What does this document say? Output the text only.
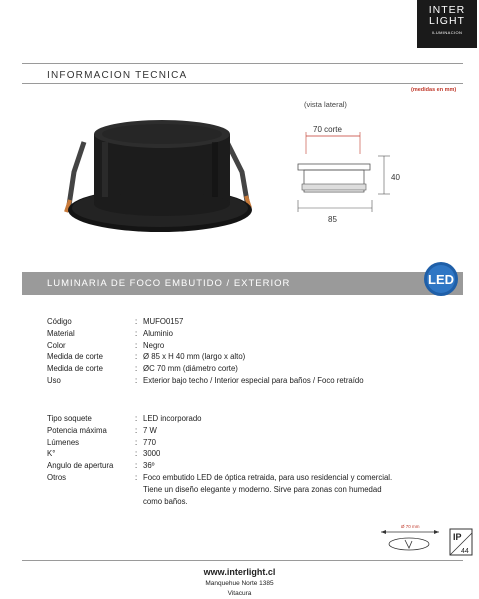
INTER
LIGHT
ILUMINACION
INFORMACION TECNICA
(medidas en mm)
(vista lateral)
70 corte
40
85
LUMINARIA DE FOCO EMBUTIDO / EXTERIOR	LED
Código	: MUFO0157
Material	: Aluminio
Color	: Negro
Medida de corte	: Ø 85 x H 40 mm (largo x alto)
Medida de corte	: ØC 70 mm (diámetro corte)
Uso	: Exterior bajo techo / Interior especial para baños / Foco retraído
Tipo soquete	: LED incorporado
Potencia máxima	: 7 W
Lúmenes	: 770
K°	: 3000
Angulo de apertura	: 36º
Otros	: Foco embutido LED de óptica retraida, para uso residencial y comercial.
Tiene un diseño elegante y moderno. Sirve para zonas con humedad
como baños.
Ø 70 mm
IP
44
www.interlight.cl
Manquehue Norte 1385
Vitacura
